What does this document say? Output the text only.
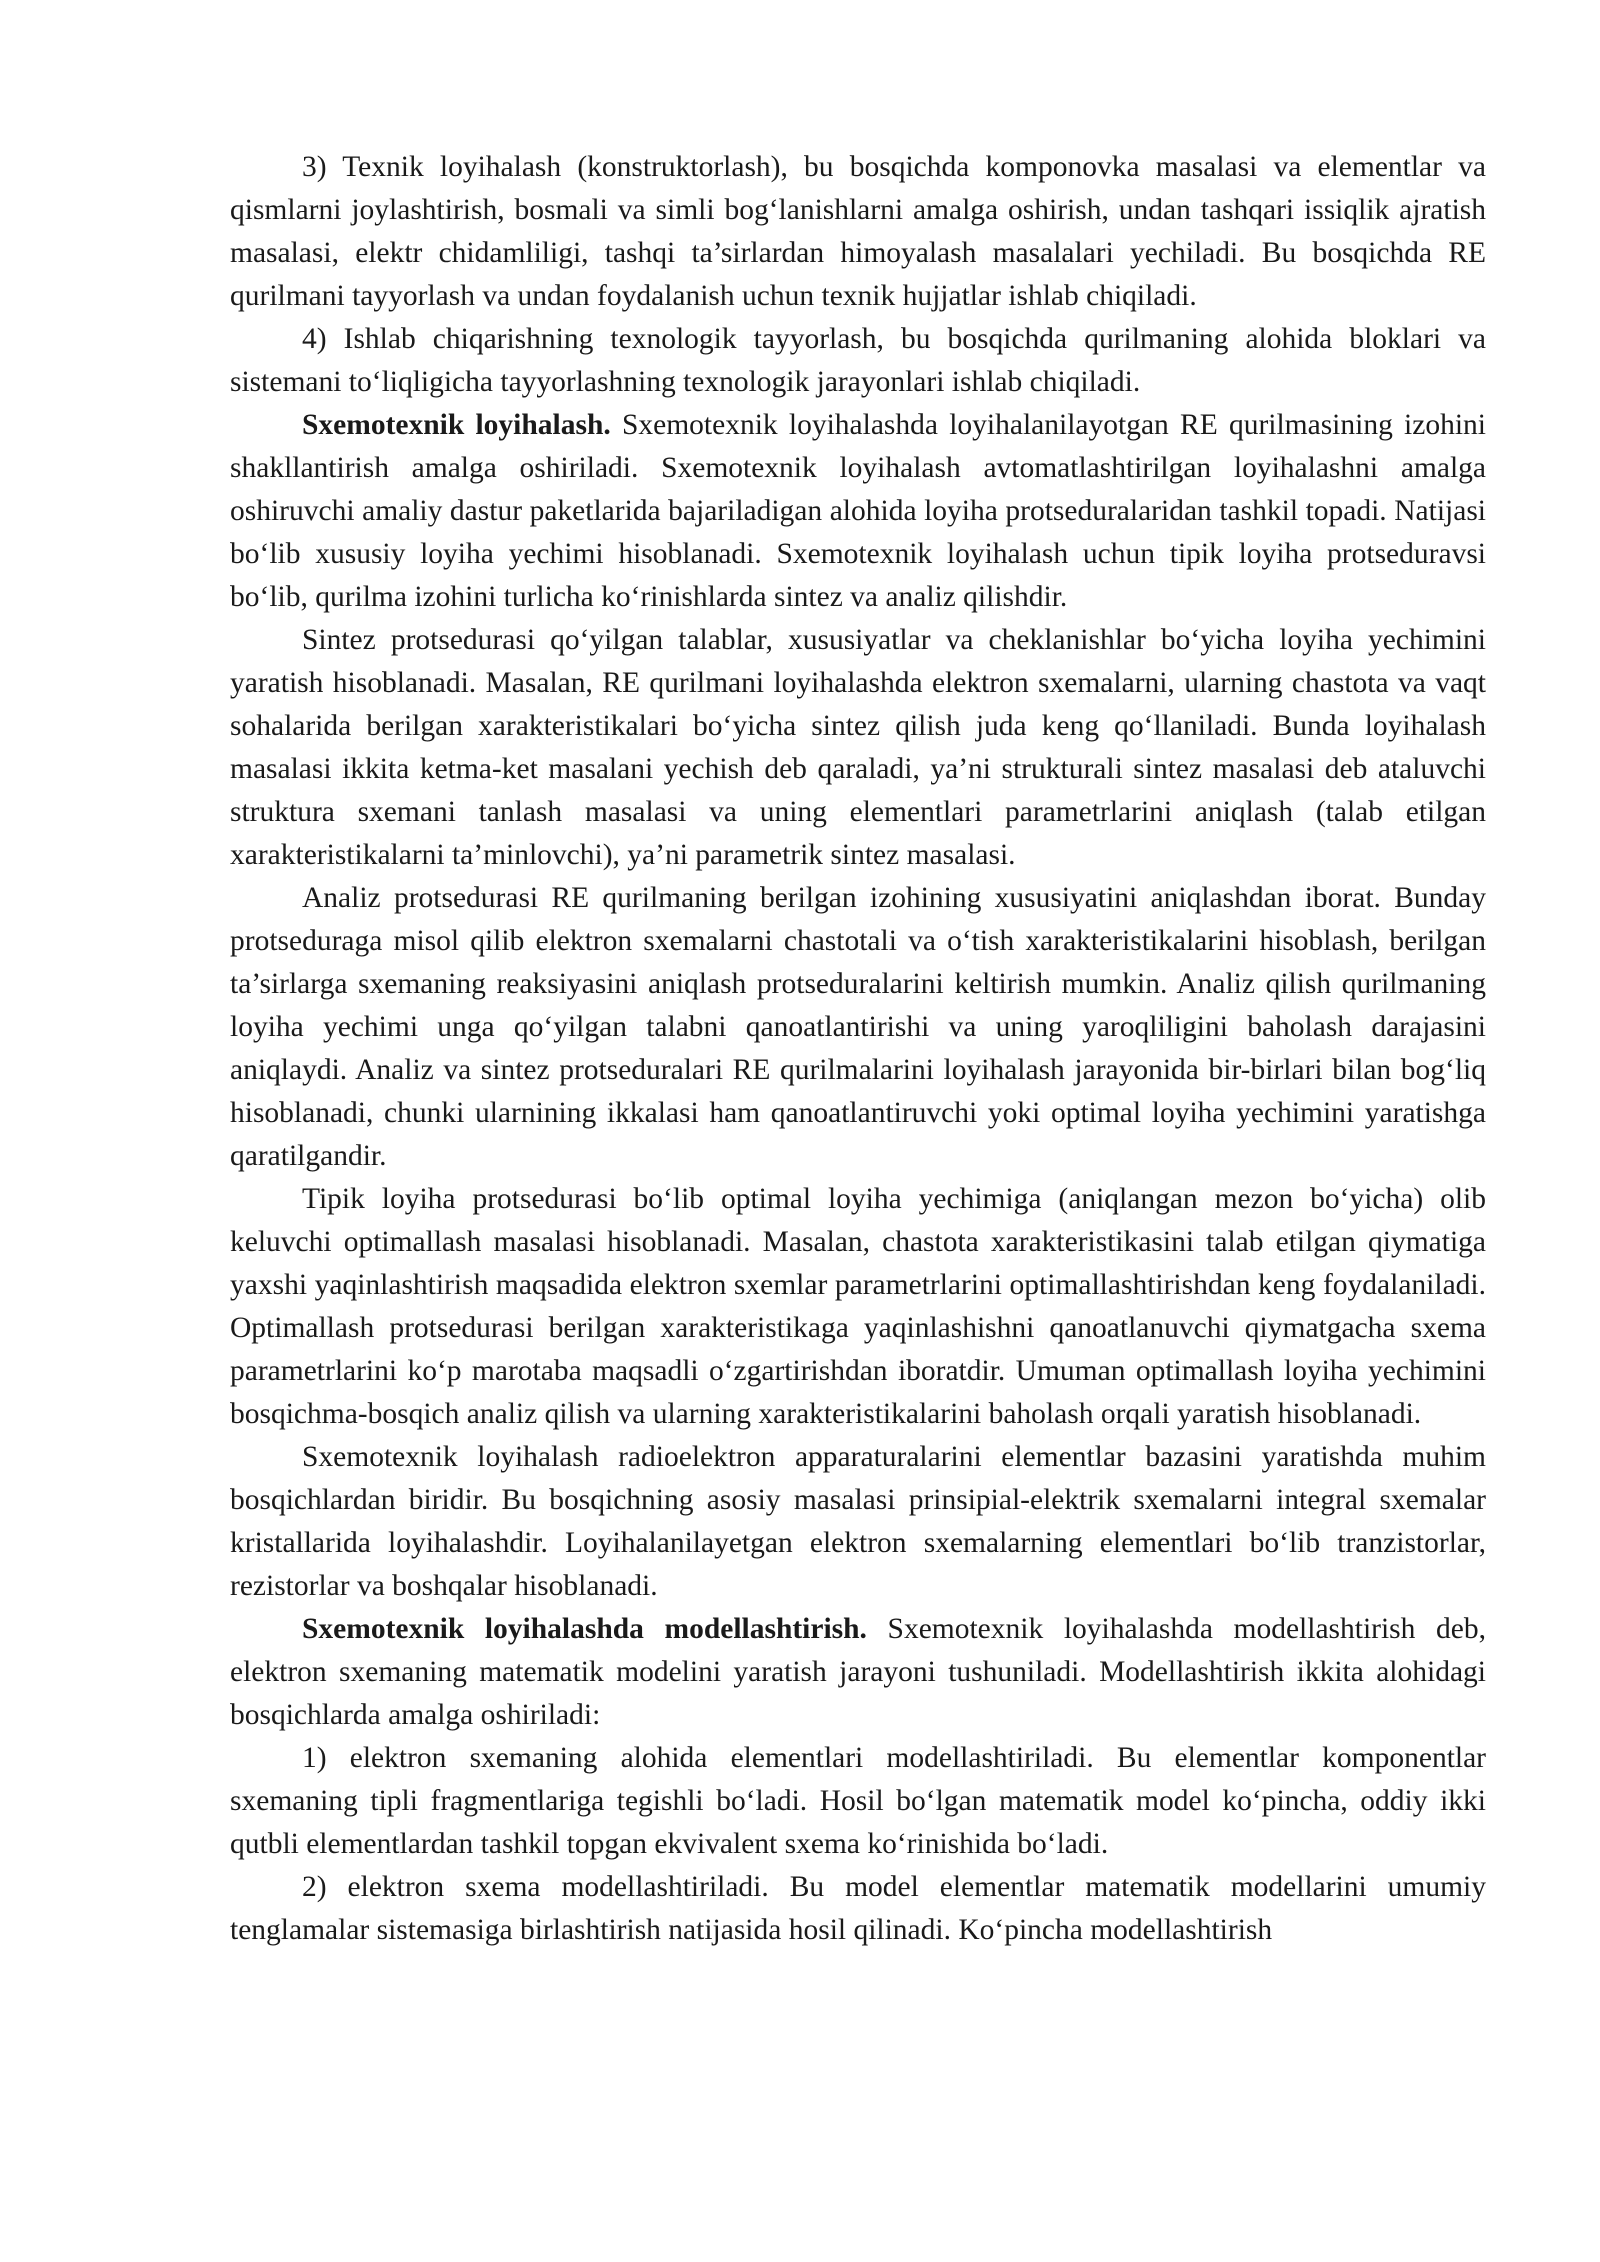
3) Texnik loyihalash (konstruktorlash), bu bosqichda komponovka masalasi va elementlar va qismlarni joylashtirish, bosmali va simli bog‘lanishlarni amalga oshirish, undan tashqari issiqlik ajratish masalasi, elektr chidamliligi, tashqi ta’sirlardan himoyalash masalalari yechiladi. Bu bosqichda RE qurilmani tayyorlash va undan foydalanish uchun texnik hujjatlar ishlab chiqiladi.

4) Ishlab chiqarishning texnologik tayyorlash, bu bosqichda qurilmaning alohida bloklari va sistemani to‘liqligicha tayyorlashning texnologik jarayonlari ishlab chiqiladi.

Sxemotexnik loyihalash. Sxemotexnik loyihalashda loyihalanilayotgan RE qurilmasining izohini shakllantirish amalga oshiriladi. Sxemotexnik loyihalash avtomatlashtirilgan loyihalashni amalga oshiruvchi amaliy dastur paketlarida bajariladigan alohida loyiha protseduralaridan tashkil topadi. Natijasi bo‘lib xususiy loyiha yechimi hisoblanadi. Sxemotexnik loyihalash uchun tipik loyiha protseduravsi bo‘lib, qurilma izohini turlicha ko‘rinishlarda sintez va analiz qilishdir.

Sintez protsedurasi qo‘yilgan talablar, xususiyatlar va cheklanishlar bo‘yicha loyiha yechimini yaratish hisoblanadi. Masalan, RE qurilmani loyihalashda elektron sxemalarni, ularning chastota va vaqt sohalarida berilgan xarakteristikalari bo‘yicha sintez qilish juda keng qo‘llaniladi. Bunda loyihalash masalasi ikkita ketma-ket masalani yechish deb qaraladi, ya’ni strukturali sintez masalasi deb ataluvchi struktura sxemani tanlash masalasi va uning elementlari parametrlarini aniqlash (talab etilgan xarakteristikalarni ta’minlovchi), ya’ni parametrik sintez masalasi.

Analiz protsedurasi RE qurilmaning berilgan izohining xususiyatini aniqlashdan iborat. Bunday protseduraga misol qilib elektron sxemalarni chastotali va o‘tish xarakteristikalarini hisoblash, berilgan ta’sirlarga sxemaning reaksiyasini aniqlash protseduralarini keltirish mumkin. Analiz qilish qurilmaning loyiha yechimi unga qo‘yilgan talabni qanoatlantirishi va uning yaroqliligini baholash darajasini aniqlaydi. Analiz va sintez protseduralari RE qurilmalarini loyihalash jarayonida bir-birlari bilan bog‘liq hisoblanadi, chunki ularnining ikkalasi ham qanoatlantiruvchi yoki optimal loyiha yechimini yaratishga qaratilgandir.

Tipik loyiha protsedurasi bo‘lib optimal loyiha yechimiga (aniqlangan mezon bo‘yicha) olib keluvchi optimallash masalasi hisoblanadi. Masalan, chastota xarakteristikasini talab etilgan qiymatiga yaxshi yaqinlashtirish maqsadida elektron sxemlar parametrlarini optimallashtirishdan keng foydalaniladi. Optimallash protsedurasi berilgan xarakteristikaga yaqinlashishni qanoatlanuvchi qiymatgacha sxema parametrlarini ko‘p marotaba maqsadli o‘zgartirishdan iboratdir. Umuman optimallash loyiha yechimini bosqichma-bosqich analiz qilish va ularning xarakteristikalarini baholash orqali yaratish hisoblanadi.

Sxemotexnik loyihalash radioelektron apparaturalarini elementlar bazasini yaratishda muhim bosqichlardan biridir. Bu bosqichning asosiy masalasi prinsipial-elektrik sxemalarni integral sxemalar kristallarida loyihalashdir. Loyihalanilayetgan elektron sxemalarning elementlari bo‘lib tranzistorlar, rezistorlar va boshqalar hisoblanadi.

Sxemotexnik loyihalashda modellashtirish. Sxemotexnik loyihalashda modellashtirish deb, elektron sxemaning matematik modelini yaratish jarayoni tushuniladi. Modellashtirish ikkita alohidagi bosqichlarda amalga oshiriladi:

1) elektron sxemaning alohida elementlari modellashtiriladi. Bu elementlar komponentlar sxemaning tipli fragmentlariga tegishli bo‘ladi. Hosil bo‘lgan matematik model ko‘pincha, oddiy ikki qutbli elementlardan tashkil topgan ekvivalent sxema ko‘rinishida bo‘ladi.

2) elektron sxema modellashtiriladi. Bu model elementlar matematik modellarini umumiy tenglamalar sistemasiga birlashtirish natijasida hosil qilinadi. Ko‘pincha modellashtirish
